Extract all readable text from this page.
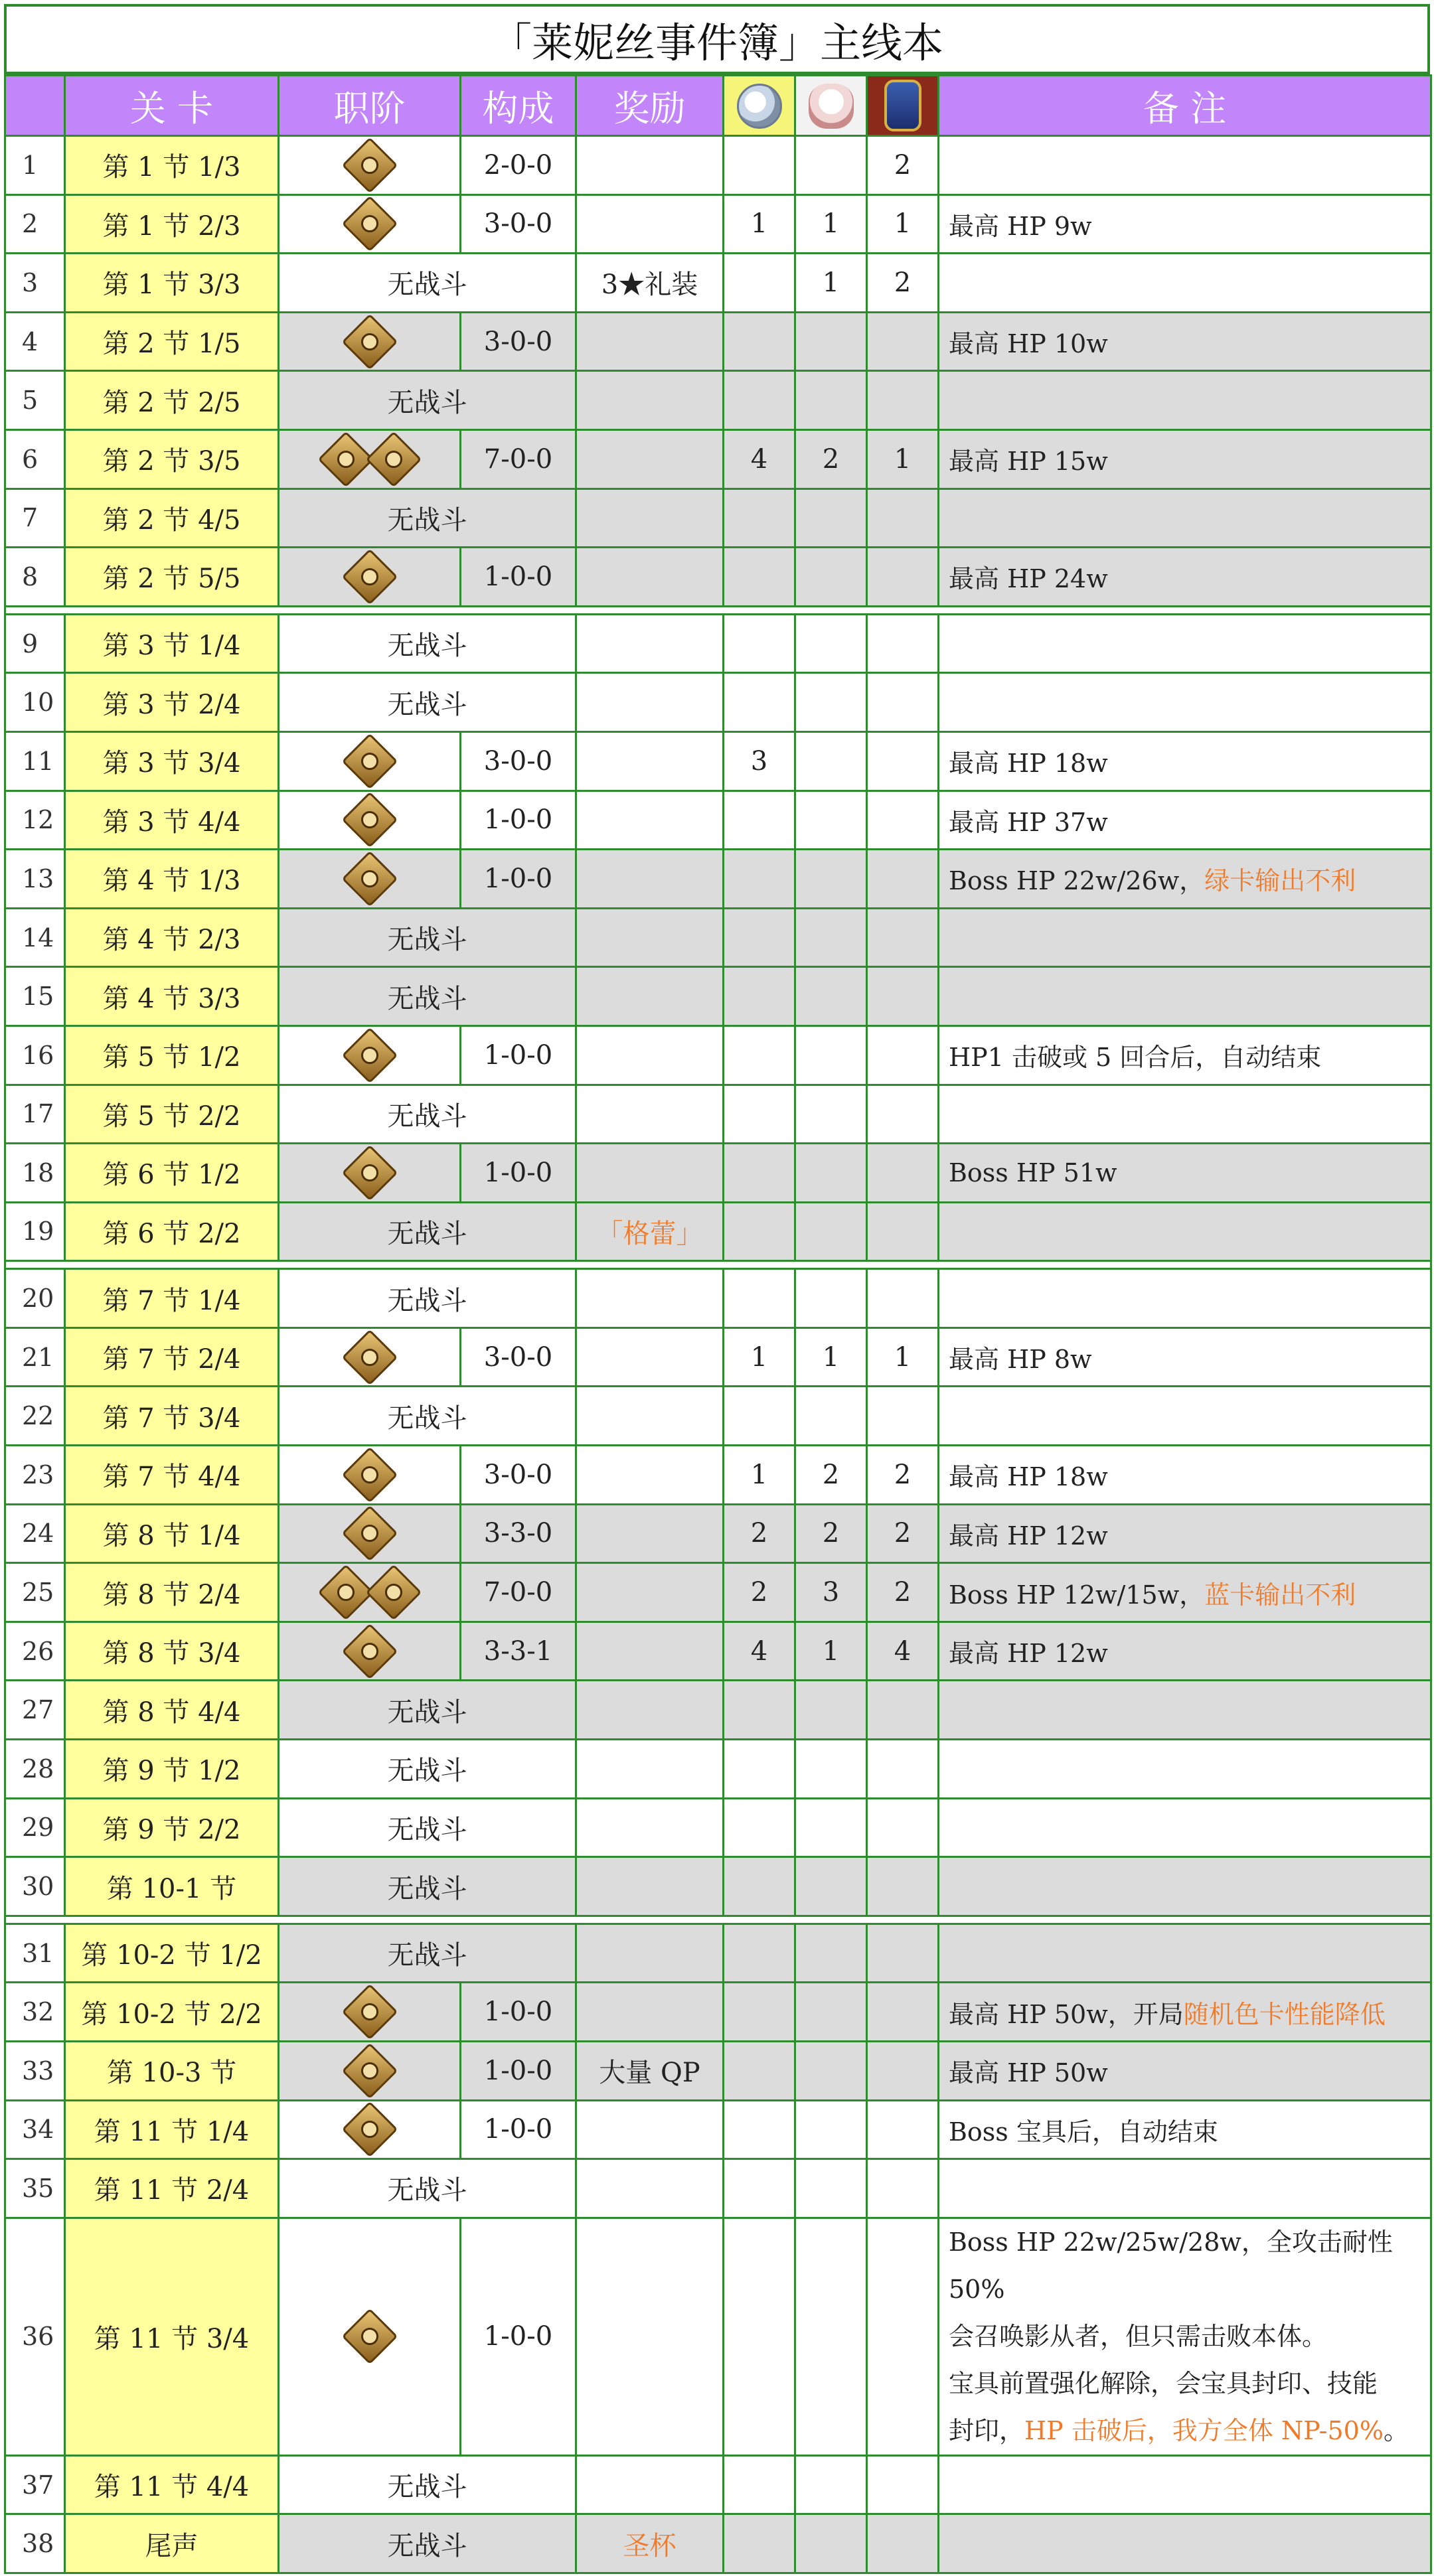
「莱妮丝事件簿」主线本
	关 卡	职阶	构成	奖励				备 注
1	第 1 节 1/3		2-0-0				2	
2	第 1 节 2/3		3-0-0		1	1	1	最高 HP 9w
3	第 1 节 3/3	无战斗		3★礼装		1	2	
4	第 2 节 1/5		3-0-0					最高 HP 10w
5	第 2 节 2/5	无战斗						
6	第 2 节 3/5		7-0-0		4	2	1	最高 HP 15w
7	第 2 节 4/5	无战斗						
8	第 2 节 5/5		1-0-0					最高 HP 24w

9	第 3 节 1/4	无战斗						
10	第 3 节 2/4	无战斗						
11	第 3 节 3/4		3-0-0		3			最高 HP 18w
12	第 3 节 4/4		1-0-0					最高 HP 37w
13	第 4 节 1/3		1-0-0					Boss HP 22w/26w，绿卡输出不利
14	第 4 节 2/3	无战斗						
15	第 4 节 3/3	无战斗						
16	第 5 节 1/2		1-0-0					HP1 击破或 5 回合后，自动结束
17	第 5 节 2/2	无战斗						
18	第 6 节 1/2		1-0-0					Boss HP 51w
19	第 6 节 2/2	无战斗		「格蕾」				

20	第 7 节 1/4	无战斗						
21	第 7 节 2/4		3-0-0		1	1	1	最高 HP 8w
22	第 7 节 3/4	无战斗						
23	第 7 节 4/4		3-0-0		1	2	2	最高 HP 18w
24	第 8 节 1/4		3-3-0		2	2	2	最高 HP 12w
25	第 8 节 2/4		7-0-0		2	3	2	Boss HP 12w/15w，蓝卡输出不利
26	第 8 节 3/4		3-3-1		4	1	4	最高 HP 12w
27	第 8 节 4/4	无战斗						
28	第 9 节 1/2	无战斗						
29	第 9 节 2/2	无战斗						
30	第 10-1 节	无战斗						

31	第 10-2 节 1/2	无战斗						
32	第 10-2 节 2/2		1-0-0					最高 HP 50w，开局随机色卡性能降低
33	第 10-3 节		1-0-0	大量 QP				最高 HP 50w
34	第 11 节 1/4		1-0-0					Boss 宝具后，自动结束
35	第 11 节 2/4	无战斗						
36	第 11 节 3/4		1-0-0					Boss HP 22w/25w/28w，全攻击耐性 50%
会召唤影从者，但只需击败本体。
宝具前置强化解除，会宝具封印、技能
封印，HP 击破后，我方全体 NP-50%。

37	第 11 节 4/4	无战斗						
38	尾声	无战斗		圣杯				
